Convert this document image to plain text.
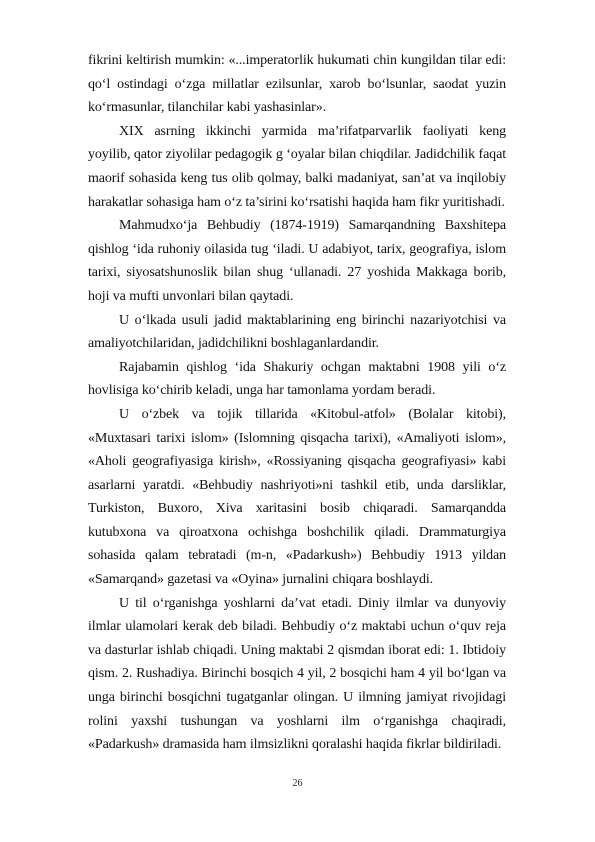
fikrini keltirish mumkin: «...imperatorlik hukumati chin kungildan tilar edi: qo‘l ostindagi o‘zga millatlar ezilsunlar, xarob bo‘lsunlar, saodat yuzin ko‘rmasunlar, tilanchilar kabi yashasinlar».

XIX asrning ikkinchi yarmida ma’rifatparvarlik faoliyati keng yoyilib, qator ziyolilar pedagogik g ‘oyalar bilan chiqdilar. Jadidchilik faqat maorif sohasida keng tus olib qolmay, balki madaniyat, san’at va inqilobiy harakatlar sohasiga ham o‘z ta’sirini ko‘rsatishi haqida ham fikr yuritishadi.

Mahmudxo‘ja Behbudiy (1874-1919) Samarqandning Baxshitepa qishlog ‘ida ruhoniy oilasida tug ‘iladi. U adabiyot, tarix, geografiya, islom tarixi, siyosatshunoslik bilan shug ‘ullanadi. 27 yoshida Makkaga borib, hoji va mufti unvonlari bilan qaytadi.

U o‘lkada usuli jadid maktablarining eng birinchi nazariyotchisi va amaliyotchilaridan, jadidchilikni boshlaganlardandir.

Rajabamin qishlog ‘ida Shakuriy ochgan maktabni 1908 yili o‘z hovlisiga ko‘chirib keladi, unga har tamonlama yordam beradi.

U o‘zbek va tojik tillarida «Kitobul-atfol» (Bolalar kitobi), «Muxtasari tarixi islom» (Islomning qisqacha tarixi), «Amaliyoti islom», «Aholi geografiyasiga kirish», «Rossiyaning qisqacha geografiyasi» kabi asarlarni yaratdi. «Behbudiy nashriyoti»ni tashkil etib, unda darsliklar, Turkiston, Buxoro, Xiva xaritasini bosib chiqaradi. Samarqandda kutubxona va qiroatxona ochishga boshchilik qiladi. Drammaturgiya sohasida qalam tebratadi (m-n, «Padarkush») Behbudiy 1913 yildan «Samarqand» gazetasi va «Oyina» jurnalini chiqara boshlaydi.

U til o‘rganishga yoshlarni da’vat etadi. Diniy ilmlar va dunyoviy ilmlar ulamolari kerak deb biladi. Behbudiy o‘z maktabi uchun o‘quv reja va dasturlar ishlab chiqadi. Uning maktabi 2 qismdan iborat edi: 1. Ibtidoiy qism. 2. Rushadiya. Birinchi bosqich 4 yil, 2 bosqichi ham 4 yil bo‘lgan va unga birinchi bosqichni tugatganlar olingan. U ilmning jamiyat rivojidagi rolini yaxshi tushungan va yoshlarni ilm o‘rganishga chaqiradi, «Padarkush» dramasida ham ilmsizlikni qoralashi haqida fikrlar bildiriladi.

26
